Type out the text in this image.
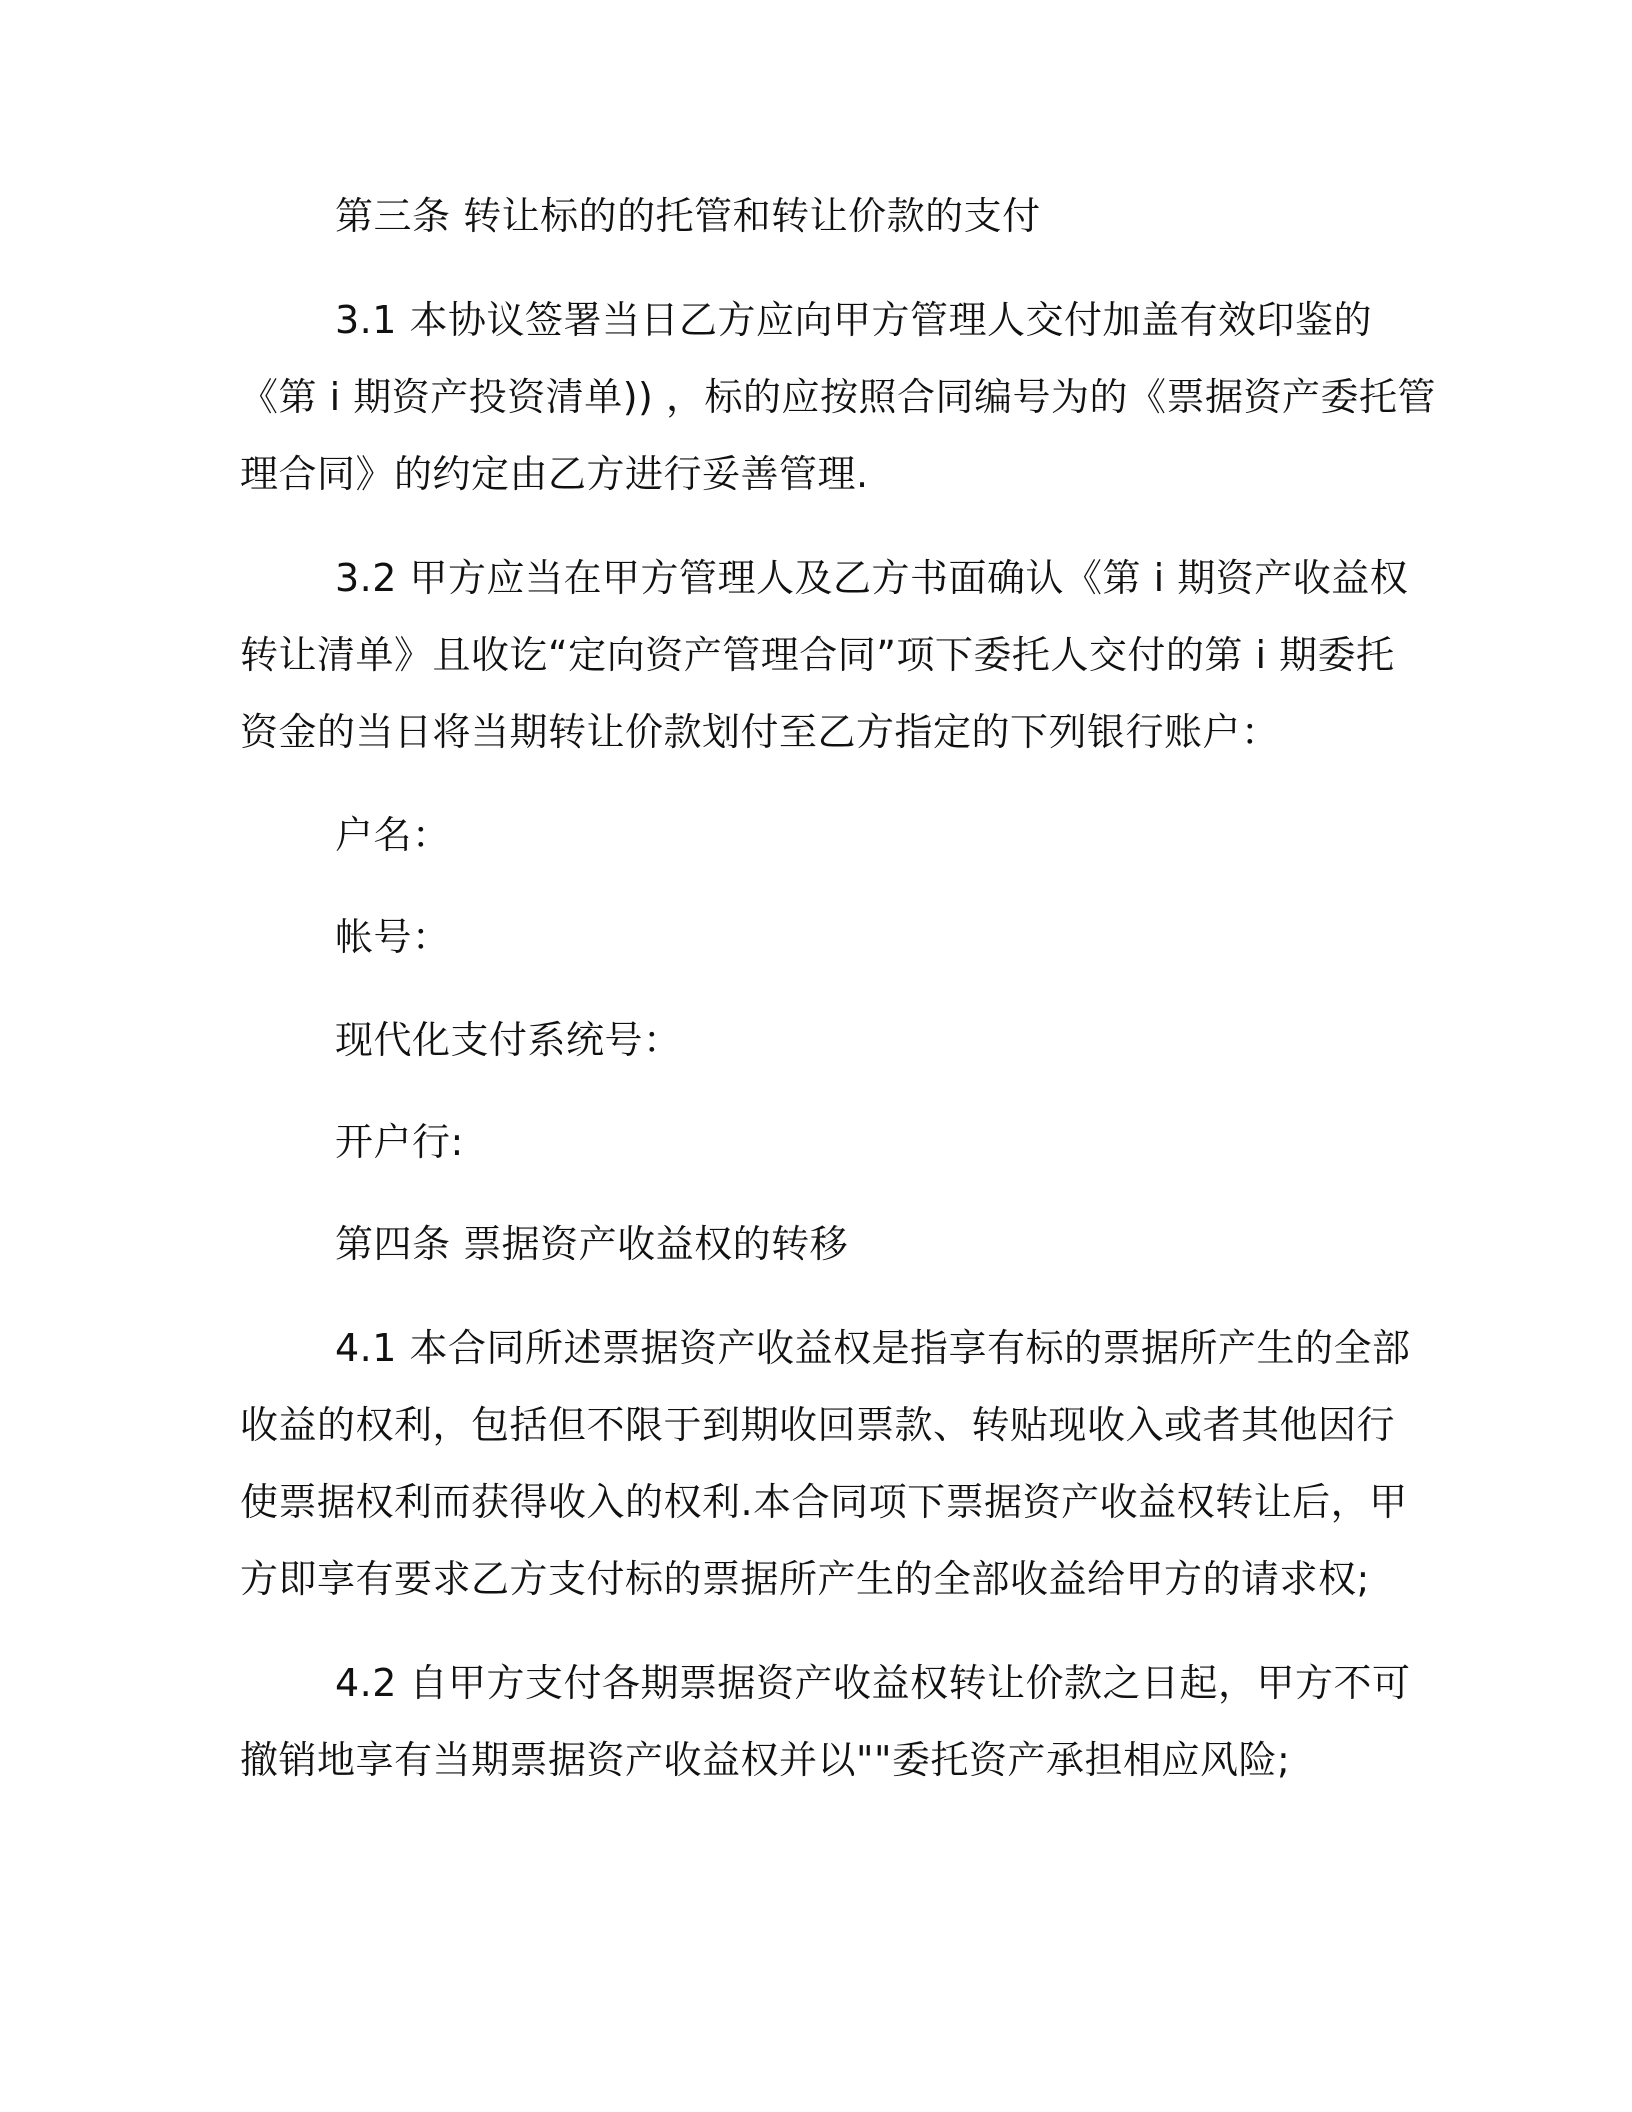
第三条 转让标的的托管和转让价款的支付
3.1 本协议签署当日乙方应向甲方管理人交付加盖有效印鉴的
《第 i 期资产投资清单)) ，标的应按照合同编号为的《票据资产委托管
理合同》的约定由乙方进行妥善管理.
3.2 甲方应当在甲方管理人及乙方书面确认《第 i 期资产收益权
转让清单》且收讫“定向资产管理合同”项下委托人交付的第 i 期委托
资金的当日将当期转让价款划付至乙方指定的下列银行账户：
户名：
帐号：
现代化支付系统号：
开户行:
第四条 票据资产收益权的转移
4.1 本合同所述票据资产收益权是指享有标的票据所产生的全部
收益的权利，包括但不限于到期收回票款、转贴现收入或者其他因行
使票据权利而获得收入的权利.本合同项下票据资产收益权转让后，甲
方即享有要求乙方支付标的票据所产生的全部收益给甲方的请求权;
4.2 自甲方支付各期票据资产收益权转让价款之日起，甲方不可
撤销地享有当期票据资产收益权并以""委托资产承担相应风险;
